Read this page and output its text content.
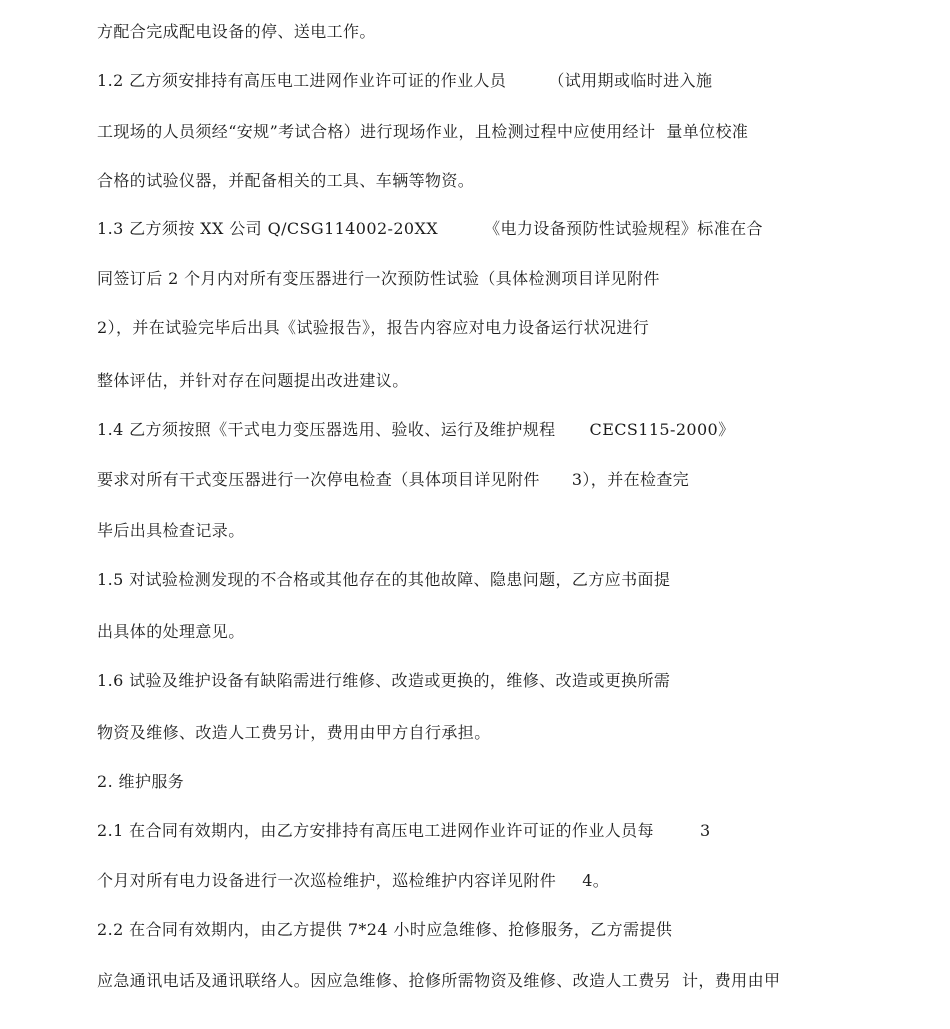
方配合完成配电设备的停、送电工作。
1.2 乙方须安排持有高压电工进网作业许可证的作业人员	（试用期或临时进入施
工现场的人员须经“安规”考试合格）进行现场作业，且检测过程中应使用经计  量单位校准
合格的试验仪器，并配备相关的工具、车辆等物资。
1.3 乙方须按 XX 公司 Q/CSG114002-20XX	《电力设备预防性试验规程》标准在合
同签订后 2 个月内对所有变压器进行一次预防性试验（具体检测项目详见附件
2），并在试验完毕后出具《试验报告》，报告内容应对电力设备运行状况进行
整体评估，并针对存在问题提出改进建议。
1.4 乙方须按照《干式电力变压器选用、验收、运行及维护规程 CECS115-2000》
要求对所有干式变压器进行一次停电检查（具体项目详见附件 3），并在检查完
毕后出具检查记录。
1.5 对试验检测发现的不合格或其他存在的其他故障、隐患问题，乙方应书面提
出具体的处理意见。
1.6 试验及维护设备有缺陷需进行维修、改造或更换的，维修、改造或更换所需
物资及维修、改造人工费另计，费用由甲方自行承担。
2. 维护服务
2.1 在合同有效期内，由乙方安排持有高压电工进网作业许可证的作业人员每	3
个月对所有电力设备进行一次巡检维护，巡检维护内容详见附件 4。
2.2 在合同有效期内，由乙方提供 7*24 小时应急维修、抢修服务，乙方需提供
应急通讯电话及通讯联络人。因应急维修、抢修所需物资及维修、改造人工费另  计，费用由甲
